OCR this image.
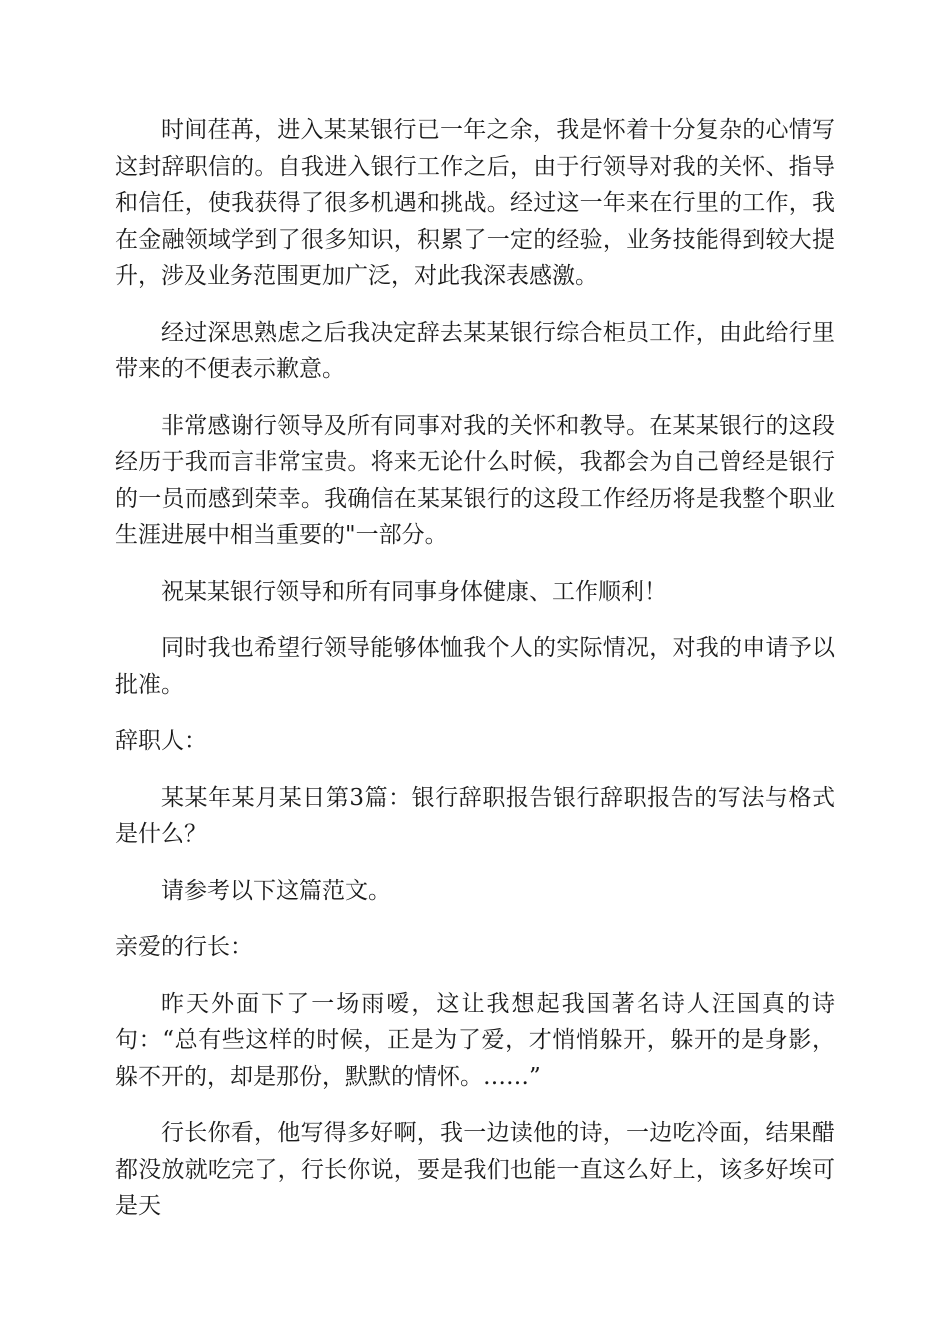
时间荏苒，进入某某银行已一年之余，我是怀着十分复杂的心情写这封辞职信的。自我进入银行工作之后，由于行领导对我的关怀、指导和信任，使我获得了很多机遇和挑战。经过这一年来在行里的工作，我在金融领域学到了很多知识，积累了一定的经验，业务技能得到较大提升，涉及业务范围更加广泛，对此我深表感激。

经过深思熟虑之后我决定辞去某某银行综合柜员工作，由此给行里带来的不便表示歉意。

非常感谢行领导及所有同事对我的关怀和教导。在某某银行的这段经历于我而言非常宝贵。将来无论什么时候，我都会为自己曾经是银行的一员而感到荣幸。我确信在某某银行的这段工作经历将是我整个职业生涯进展中相当重要的"一部分。

祝某某银行领导和所有同事身体健康、工作顺利！

同时我也希望行领导能够体恤我个人的实际情况，对我的申请予以批准。

辞职人：

某某年某月某日第3篇：银行辞职报告银行辞职报告的写法与格式是什么？

请参考以下这篇范文。

亲爱的行长：

昨天外面下了一场雨嗳，这让我想起我国著名诗人汪国真的诗句：“总有些这样的时候，正是为了爱，才悄悄躲开，躲开的是身影，躲不开的，却是那份，默默的情怀。……”

行长你看，他写得多好啊，我一边读他的诗，一边吃冷面，结果醋都没放就吃完了，行长你说，要是我们也能一直这么好上，该多好埃可是天
